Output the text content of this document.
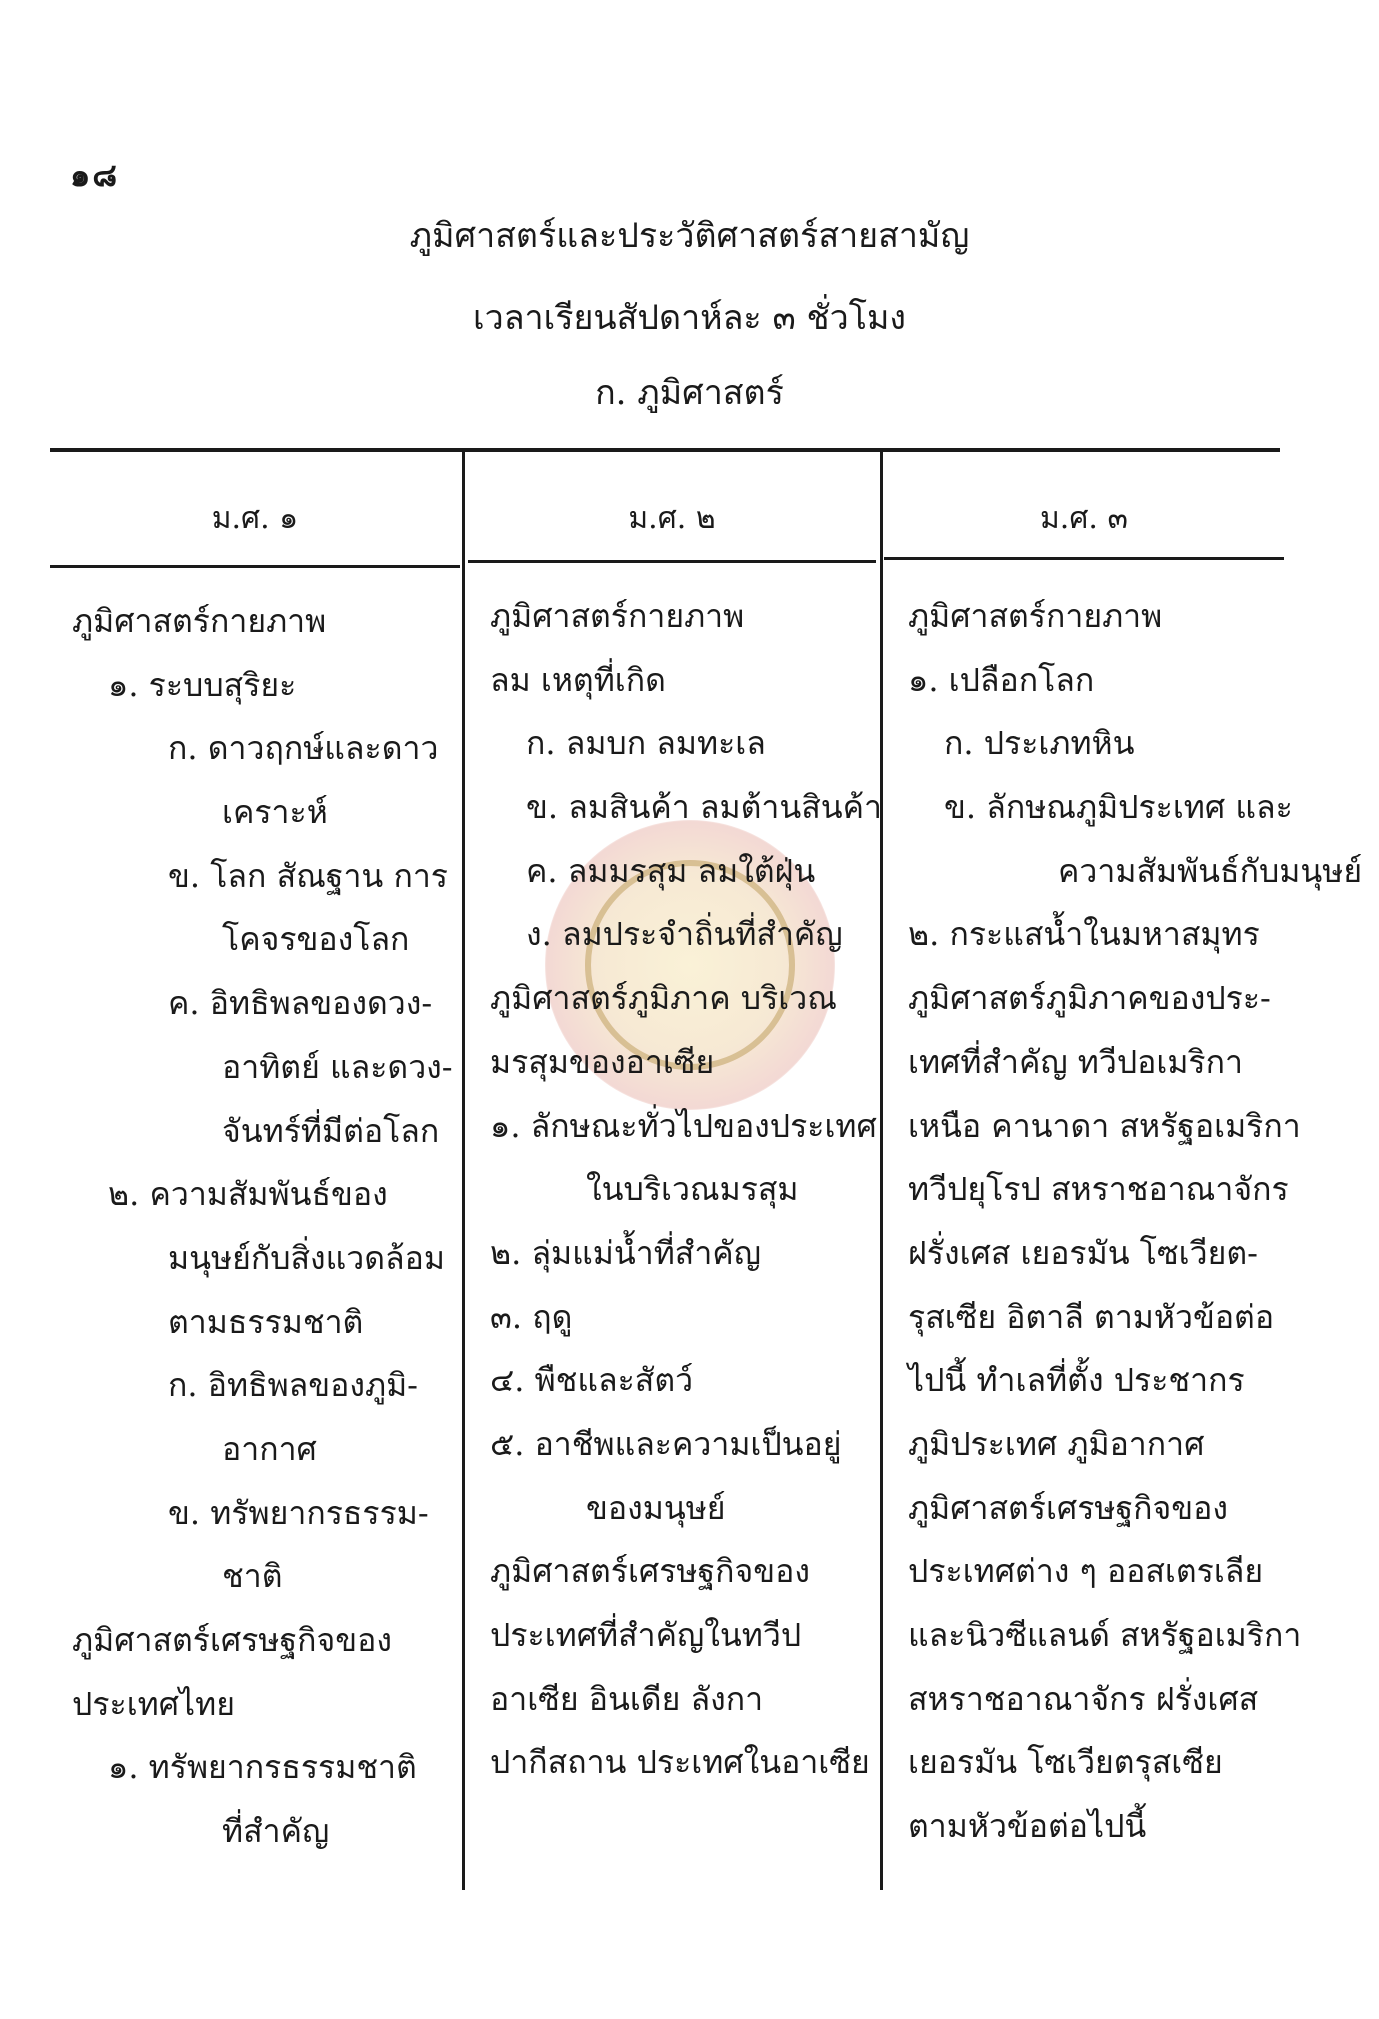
๑๘
ภูมิศาสตร์และประวัติศาสตร์สายสามัญ
เวลาเรียนสัปดาห์ละ ๓ ชั่วโมง
ก. ภูมิศาสตร์
ม.ศ. ๑	ม.ศ. ๒	ม.ศ. ๓
ภูมิศาสตร์กายภาพ
๑. ระบบสุริยะ
ก. ดาวฤกษ์และดาว
เคราะห์
ข. โลก สัณฐาน การ
โคจรของโลก
ค. อิทธิพลของดวง-
อาทิตย์ และดวง-
จันทร์ที่มีต่อโลก
๒. ความสัมพันธ์ของ
มนุษย์กับสิ่งแวดล้อม
ตามธรรมชาติ
ก. อิทธิพลของภูมิ-
อากาศ
ข. ทรัพยากรธรรม-
ชาติ
ภูมิศาสตร์เศรษฐกิจของ
ประเทศไทย
๑. ทรัพยากรธรรมชาติ
ที่สำคัญ
ภูมิศาสตร์กายภาพ
ลม เหตุที่เกิด
ก. ลมบก ลมทะเล
ข. ลมสินค้า ลมต้านสินค้า
ค. ลมมรสุม ลมใต้ฝุ่น
ง. ลมประจำถิ่นที่สำคัญ
ภูมิศาสตร์ภูมิภาค บริเวณ
มรสุมของอาเซีย
๑. ลักษณะทั่วไปของประเทศ
ในบริเวณมรสุม
๒. ลุ่มแม่น้ำที่สำคัญ
๓. ฤดู
๔. พืชและสัตว์
๕. อาชีพและความเป็นอยู่
ของมนุษย์
ภูมิศาสตร์เศรษฐกิจของ
ประเทศที่สำคัญในทวีป
อาเซีย อินเดีย ลังกา
ปากีสถาน ประเทศในอาเซีย
ภูมิศาสตร์กายภาพ
๑. เปลือกโลก
ก. ประเภทหิน
ข. ลักษณภูมิประเทศ และ
ความสัมพันธ์กับมนุษย์
๒. กระแสน้ำในมหาสมุทร
ภูมิศาสตร์ภูมิภาคของประ-
เทศที่สำคัญ ทวีปอเมริกา
เหนือ คานาดา สหรัฐอเมริกา
ทวีปยุโรป สหราชอาณาจักร
ฝรั่งเศส เยอรมัน โซเวียต-
รุสเซีย อิตาลี ตามหัวข้อต่อ
ไปนี้ ทำเลที่ตั้ง ประชากร
ภูมิประเทศ ภูมิอากาศ
ภูมิศาสตร์เศรษฐกิจของ
ประเทศต่าง ๆ ออสเตรเลีย
และนิวซีแลนด์ สหรัฐอเมริกา
สหราชอาณาจักร ฝรั่งเศส
เยอรมัน โซเวียตรุสเซีย
ตามหัวข้อต่อไปนี้
